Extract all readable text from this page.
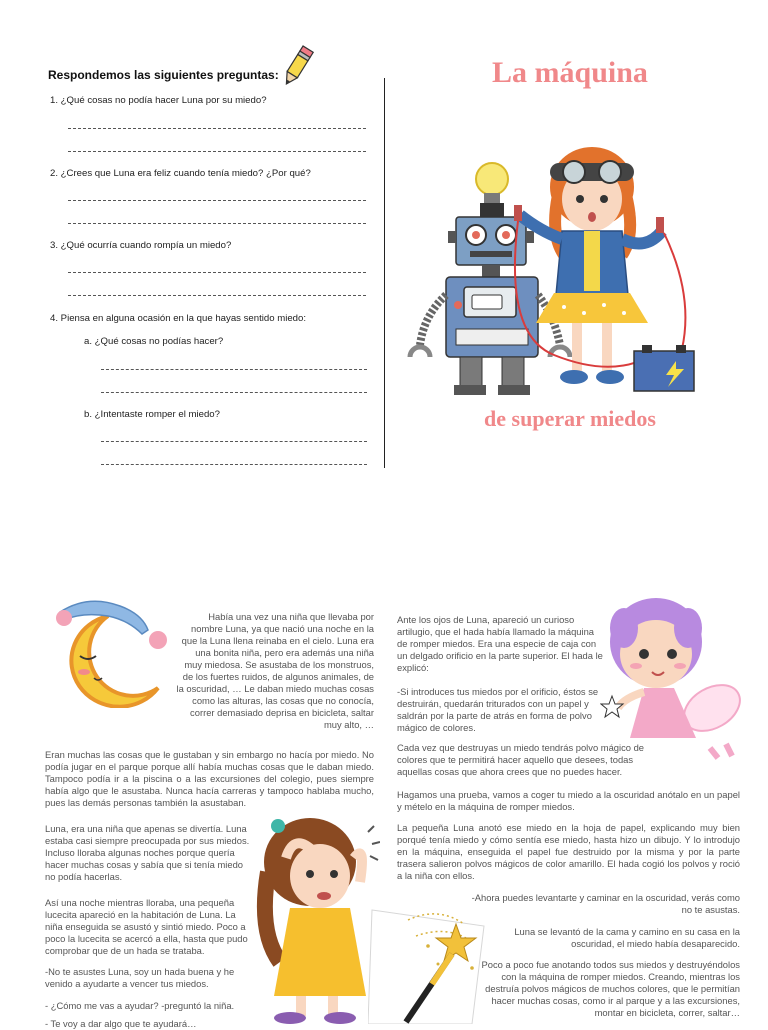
Respondemos las siguientes preguntas:
1. ¿Qué cosas no podía hacer Luna por su miedo?
2. ¿Crees que Luna era feliz cuando tenía miedo? ¿Por qué?
3. ¿Qué ocurría cuando rompía un miedo?
4. Piensa en alguna ocasión en la que hayas sentido miedo:
a. ¿Qué cosas no podías hacer?
b. ¿Intentaste romper el miedo?
La máquina
de superar miedos

Había una vez una niña que llevaba por nombre Luna, ya que nació una noche en la que la Luna llena reinaba en el cielo. Luna era una bonita niña, pero era además una niña muy miedosa. Se asustaba de los monstruos, de los fuertes ruidos, de algunos animales, de la oscuridad, … Le daban miedo muchas cosas como las alturas, las cosas que no conocía, correr demasiado deprisa en bicicleta, saltar muy alto, …

Eran muchas las cosas que le gustaban y sin embargo no hacía por miedo. No podía jugar en el parque porque allí había muchas cosas que le daban miedo. Tampoco podía ir a la piscina o a las excursiones del colegio, pues siempre había algo que le asustaba. Nunca hacía carreras y tampoco hablaba mucho, pues las demás personas también la asustaban.

Luna, era una niña que apenas se divertía. Luna estaba casi siempre preocupada por sus miedos. Incluso lloraba algunas noches porque quería hacer muchas cosas y sabía que si tenía miedo no podía hacerlas.

Así una noche mientras lloraba, una pequeña lucecita apareció en la habitación de Luna. La niña enseguida se asustó y sintió miedo. Poco a poco la lucecita se acercó a ella, hasta que pudo comprobar que de un hada se trataba.

-No te asustes Luna, soy un hada buena y he venido a ayudarte a vencer tus miedos.

- ¿Cómo me vas a ayudar? -preguntó la niña.

- Te voy a dar algo que te ayudará…

Ante los ojos de Luna, apareció un curioso artilugio, que el hada había llamado la máquina de romper miedos. Era una especie de caja con un delgado orificio en la parte superior. El hada le explicó:

-Si introduces tus miedos por el orificio, éstos se destruirán, quedarán triturados con un papel y saldrán por la parte de atrás en forma de polvo mágico de colores.

Cada vez que destruyas un miedo tendrás polvo mágico de colores que te permitirá hacer aquello que desees, todas aquellas cosas que ahora crees que no puedes hacer.

Hagamos una prueba, vamos a coger tu miedo a la oscuridad anótalo en un papel y mételo en la máquina de romper miedos.

La pequeña Luna anotó ese miedo en la hoja de papel, explicando muy bien porqué tenía miedo y cómo sentía ese miedo, hasta hizo un dibujo. Y lo introdujo en la máquina, enseguida el papel fue destruido por la misma y por la parte trasera salieron polvos mágicos de color amarillo. El hada cogió los polvos y roció a la niña con ellos.

-Ahora puedes levantarte y caminar en la oscuridad, verás como no te asustas.

Luna se levantó de la cama y camino en su casa en la oscuridad, el miedo había desaparecido.

Poco a poco fue anotando todos sus miedos y destruyéndolos con la máquina de romper miedos. Creando, mientras los destruía polvos mágicos de muchos colores, que le permitían hacer muchas cosas, como ir al parque y a las excursiones, montar en bicicleta, correr, saltar…
